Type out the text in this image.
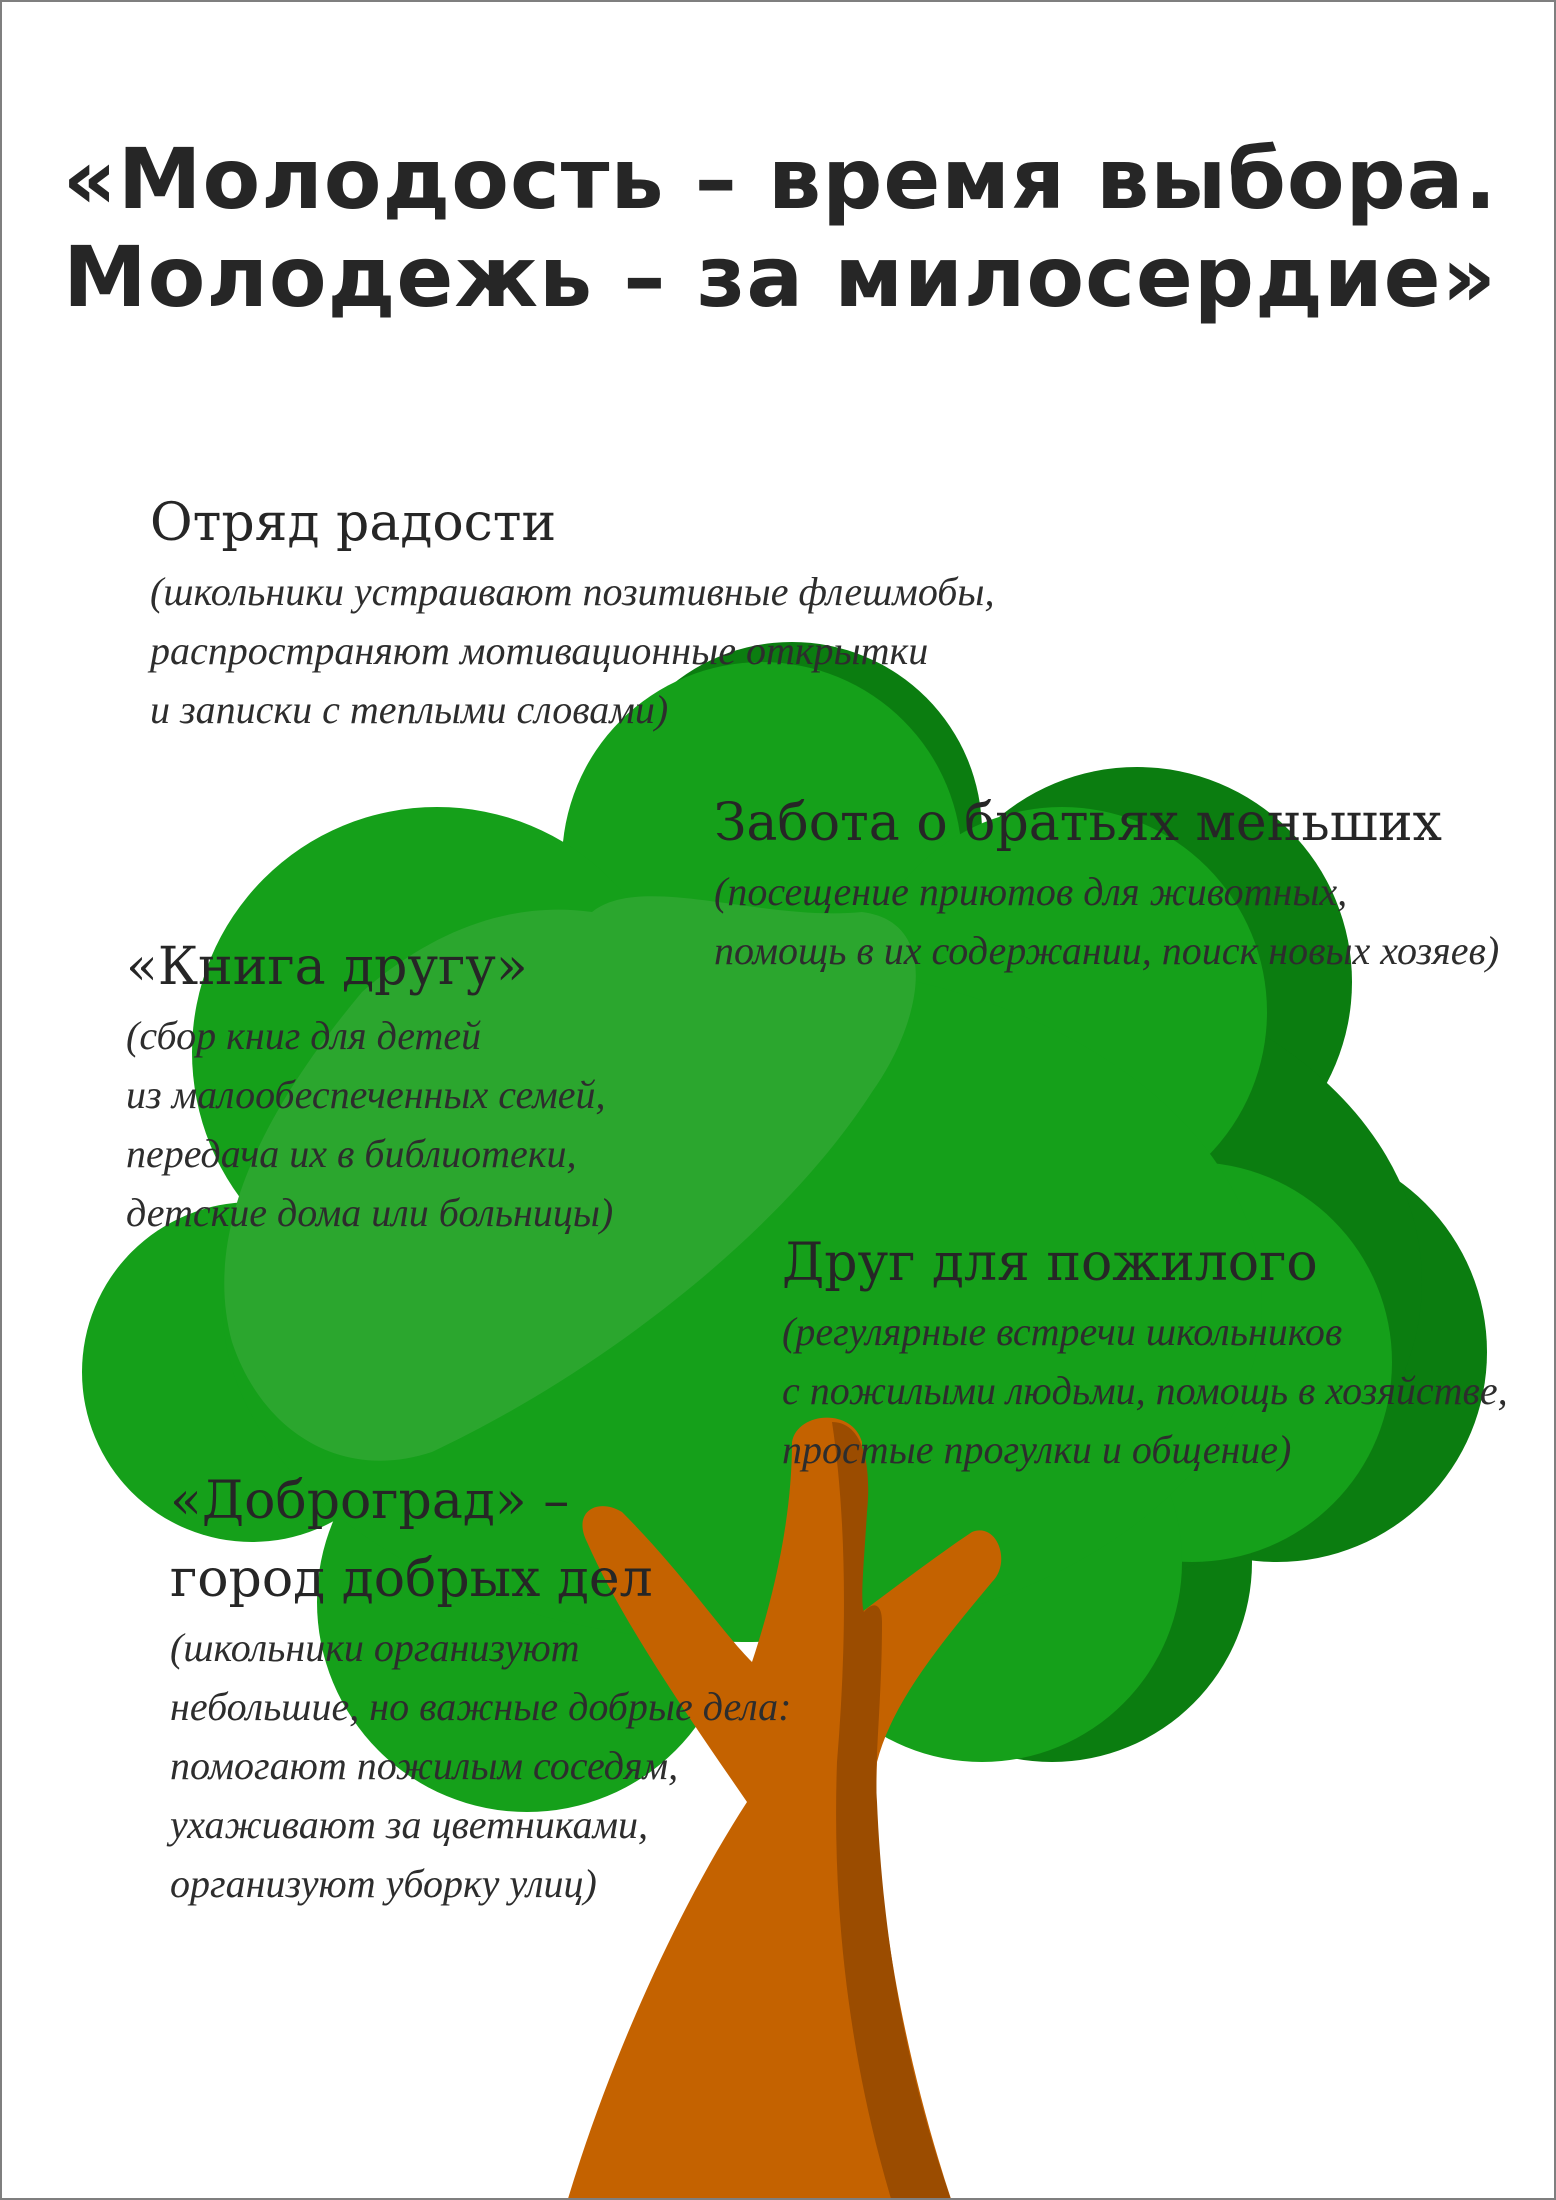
«Молодость – время выбора.
Молодежь – за милосердие»
Отряд радости
(школьники устраивают позитивные флешмобы,
распространяют мотивационные открытки
и записки с теплыми словами)
Забота о братьях меньших
(посещение приютов для животных,
помощь в их содержании, поиск новых хозяев)
«Книга другу»
(сбор книг для детей
из малообеспеченных семей,
передача их в библиотеки,
детские дома или больницы)
Друг для пожилого
(регулярные встречи школьников
с пожилыми людьми, помощь в хозяйстве,
простые прогулки и общение)
«Доброград» –
город добрых дел
(школьники организуют
небольшие, но важные добрые дела:
помогают пожилым соседям,
ухаживают за цветниками,
организуют уборку улиц)
